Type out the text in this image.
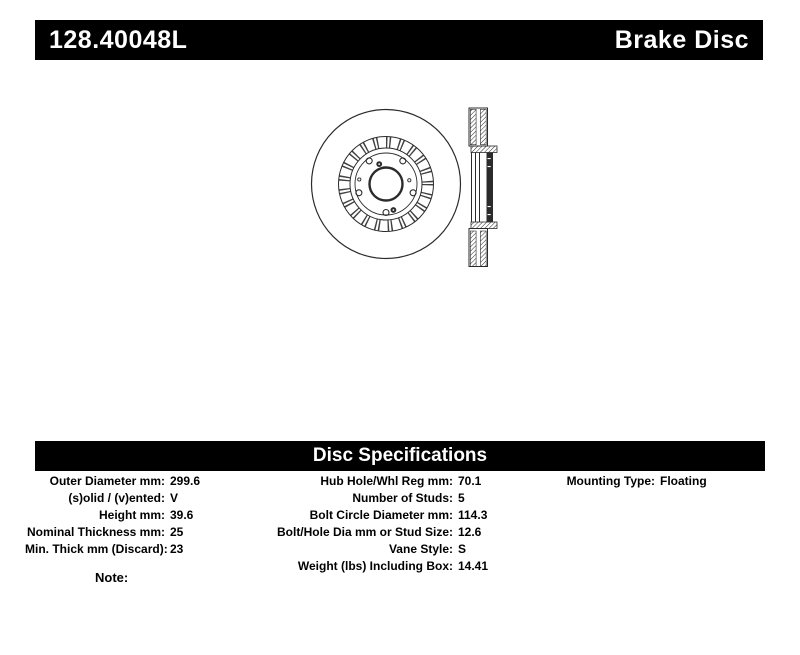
128.40048L	Brake Disc
Disc Specifications
Outer Diameter mm: 299.6
(s)olid / (v)ented: V
Height mm: 39.6
Nominal Thickness mm: 25
Min. Thick mm (Discard): 23
Hub Hole/Whl Reg mm: 70.1
Number of Studs: 5
Bolt Circle Diameter mm: 114.3
Bolt/Hole Dia mm or Stud Size: 12.6
Vane Style: S
Weight (lbs) Including Box: 14.41
Mounting Type: Floating
Note:
